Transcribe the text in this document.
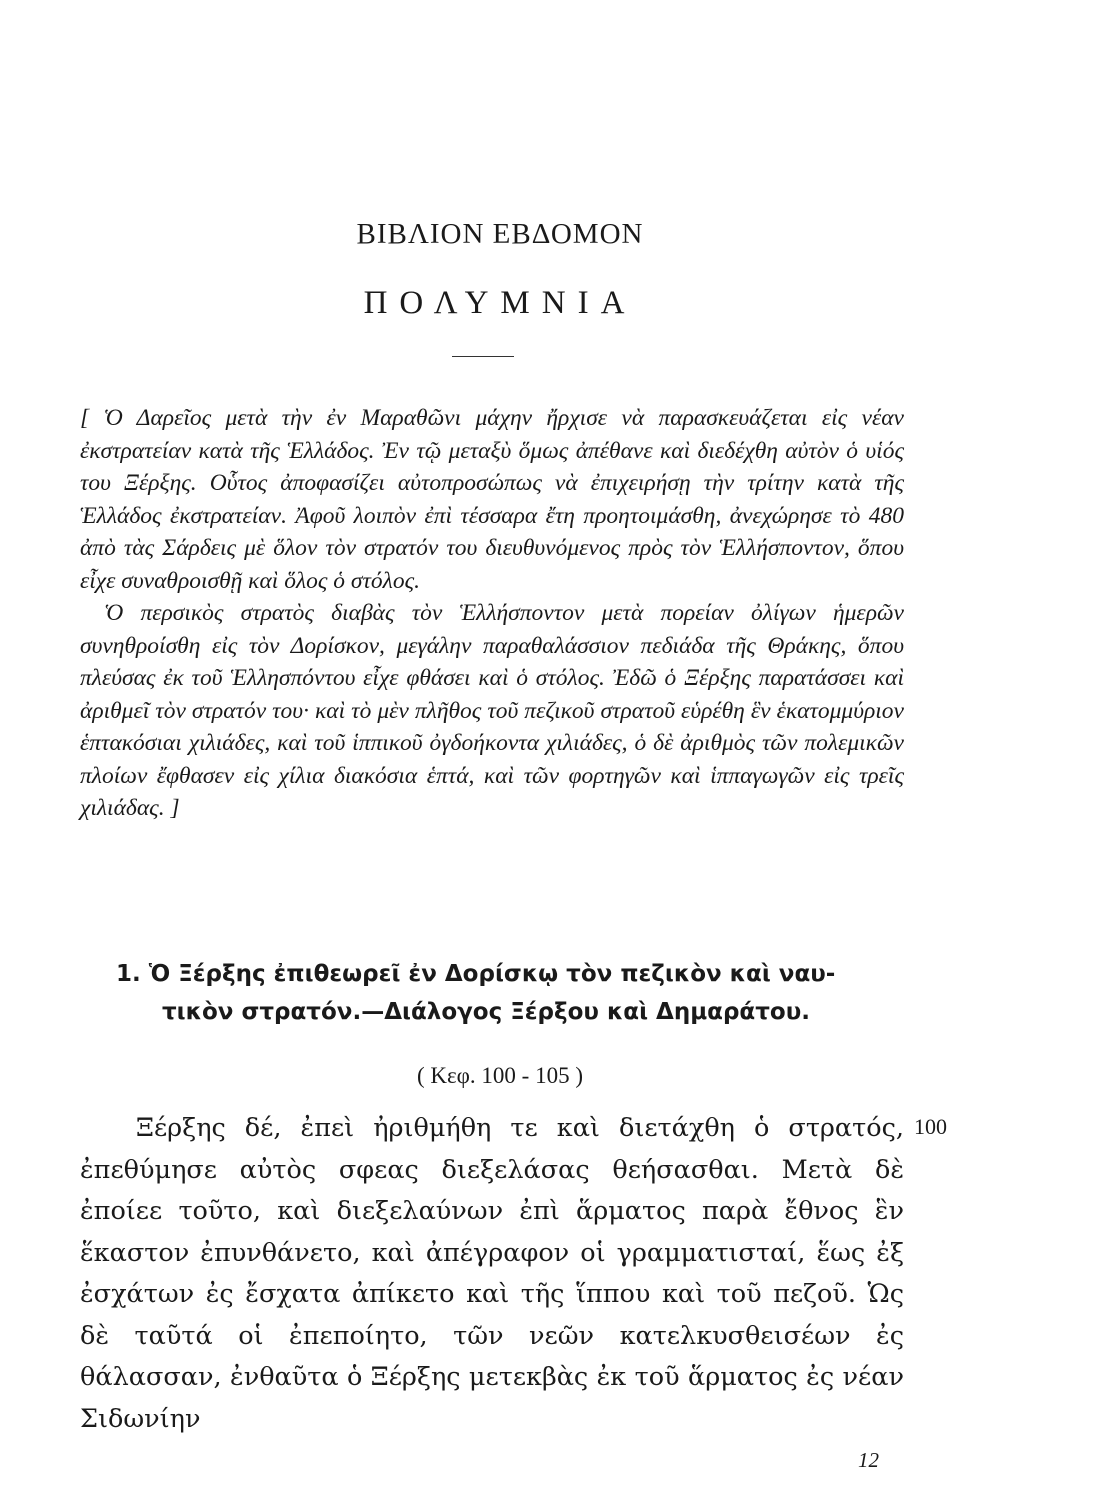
ΒΙΒΛΙΟΝ ΕΒΔΟΜΟΝ
ΠΟΛΥΜΝΙΑ

[ Ὁ Δαρεῖος μετὰ τὴν ἐν Μαραθῶνι μάχην ἤρχισε νὰ παρασκευάζεται εἰς νέαν ἐκστρατείαν κατὰ τῆς Ἑλλάδος. Ἐν τῷ μεταξὺ ὅμως ἀπέθανε καὶ διεδέχθη αὐτὸν ὁ υἱός του Ξέρξης. Οὗτος ἀποφασίζει αὐτοπροσώπως νὰ ἐπιχειρήσῃ τὴν τρίτην κατὰ τῆς Ἑλλάδος ἐκστρατείαν. Ἀφοῦ λοιπὸν ἐπὶ τέσσαρα ἔτη προητοιμάσθη, ἀνεχώρησε τὸ 480 ἀπὸ τὰς Σάρδεις μὲ ὅλον τὸν στρατόν του διευθυνόμενος πρὸς τὸν Ἑλλήσποντον, ὅπου εἶχε συναθροισθῇ καὶ ὅλος ὁ στόλος.

Ὁ περσικὸς στρατὸς διαβὰς τὸν Ἑλλήσποντον μετὰ πορείαν ὀλίγων ἡμερῶν συνηθροίσθη εἰς τὸν Δορίσκον, μεγάλην παραθαλάσσιον πεδιάδα τῆς Θράκης, ὅπου πλεύσας ἐκ τοῦ Ἑλλησπόντου εἶχε φθάσει καὶ ὁ στόλος. Ἐδῶ ὁ Ξέρξης παρατάσσει καὶ ἀριθμεῖ τὸν στρατόν του· καὶ τὸ μὲν πλῆθος τοῦ πεζικοῦ στρατοῦ εὑρέθη ἓν ἑκατομμύριον ἑπτακόσιαι χιλιάδες, καὶ τοῦ ἱππικοῦ ὀγδοήκοντα χιλιάδες, ὁ δὲ ἀριθμὸς τῶν πολεμικῶν πλοίων ἔφθασεν εἰς χίλια διακόσια ἑπτά, καὶ τῶν φορτηγῶν καὶ ἱππαγωγῶν εἰς τρεῖς χιλιάδας. ]

1. Ὁ Ξέρξης ἐπιθεωρεῖ ἐν Δορίσκῳ τὸν πεζικὸν καὶ ναυ-
τικὸν στρατόν.—Διάλογος Ξέρξου καὶ Δημαράτου.
( Κεφ. 100 - 105 )

Ξέρξης δέ, ἐπεὶ ἠριθμήθη τε καὶ διετάχθη ὁ στρατός, ἐπεθύμησε αὐτὸς σφεας διεξελάσας θεήσασθαι. Μετὰ δὲ ἐποίεε τοῦτο, καὶ διεξελαύνων ἐπὶ ἅρματος παρὰ ἔθνος ἓν ἕκαστον ἐπυνθάνετο, καὶ ἀπέγραφον οἱ γραμματισταί, ἕως ἐξ ἐσχάτων ἐς ἔσχατα ἀπίκετο καὶ τῆς ἵππου καὶ τοῦ πεζοῦ. Ὡς δὲ ταῦτά οἱ ἐπεποίητο, τῶν νεῶν κατελκυσθεισέων ἐς θάλασσαν, ἐνθαῦτα ὁ Ξέρξης μετεκβὰς ἐκ τοῦ ἅρματος ἐς νέαν Σιδωνίην

100
12
